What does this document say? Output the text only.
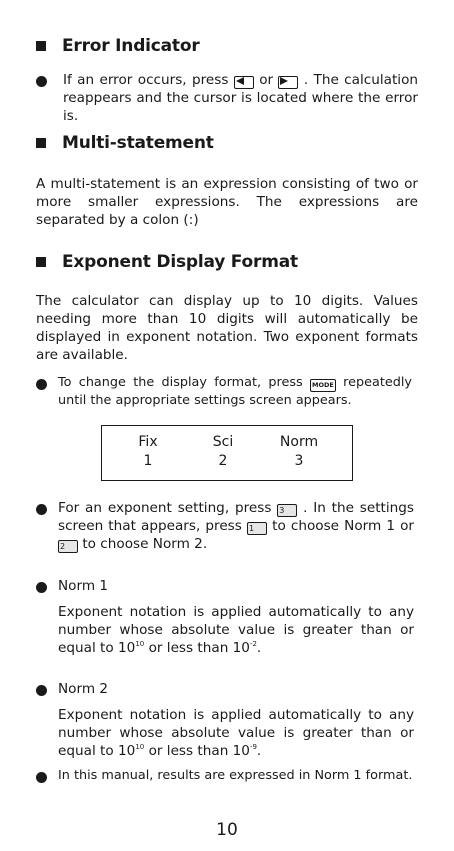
Error Indicator
If an error occurs, press or . The calculation reappears and the cursor is located where the error is.
Multi-statement
A multi-statement is an expression consisting of two or more smaller expressions. The expressions are separated by a colon (:)
Exponent Display Format
The calculator can display up to 10 digits. Values needing more than 10 digits will automatically be displayed in exponent notation. Two exponent formats are available.
To change the display format, press MODE repeatedly until the appropriate settings screen appears.
Fix	Sci	Norm
1	2	3
For an exponent setting, press 3 . In the settings screen that appears, press 1 to choose Norm 1 or 2 to choose Norm 2.
Norm 1
Exponent notation is applied automatically to any number whose absolute value is greater than or equal to $10^{10}$ or less than $10^{-2}$.
Norm 2
Exponent notation is applied automatically to any number whose absolute value is greater than or equal to $10^{10}$ or less than $10^{-9}$.
In this manual, results are expressed in Norm 1 format.
10
